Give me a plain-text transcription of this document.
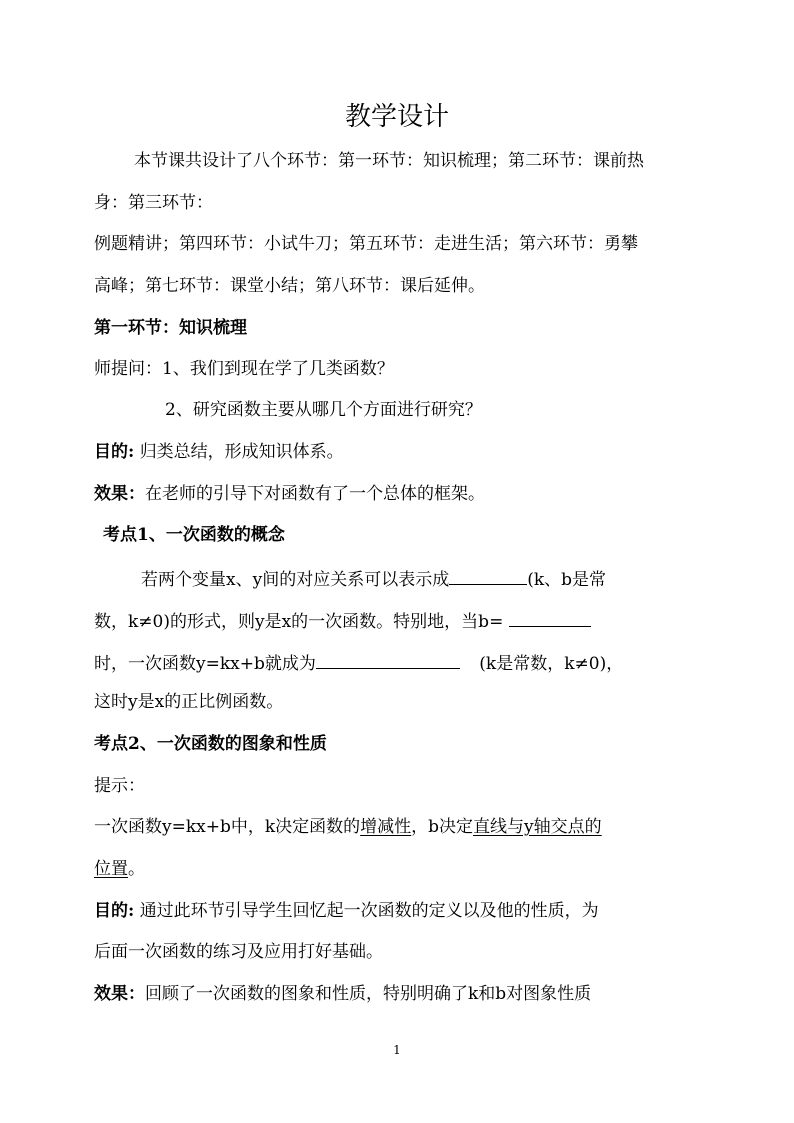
教学设计
本节课共设计了八个环节：第一环节：知识梳理；第二环节：课前热
身：第三环节：
例题精讲；第四环节：小试牛刀；第五环节：走进生活；第六环节：勇攀
高峰；第七环节：课堂小结；第八环节：课后延伸。
第一环节：知识梳理
师提问：1、我们到现在学了几类函数？
2、研究函数主要从哪几个方面进行研究？
目的: 归类总结，形成知识体系。
效果：在老师的引导下对函数有了一个总体的框架。
考点1、一次函数的概念
若两个变量x、y间的对应关系可以表示成	(k、b是常
数，k≠0)的形式，则y是x的一次函数。特别地，当b=
时，一次函数y=kx+b就成为	(k是常数，k≠0)，
这时y是x的正比例函数。
考点2、一次函数的图象和性质
提示：
一次函数y=kx+b中，k决定函数的增减性，b决定直线与y轴交点的
位置。
目的: 通过此环节引导学生回忆起一次函数的定义以及他的性质，为
后面一次函数的练习及应用打好基础。
效果：回顾了一次函数的图象和性质，特别明确了k和b对图象性质
1
